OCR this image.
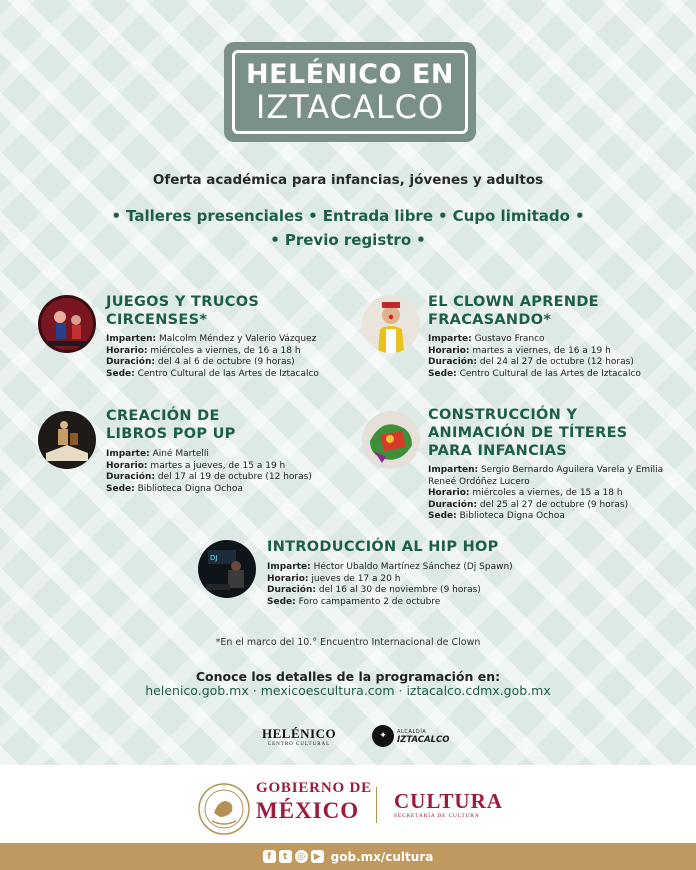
HELÉNICO EN
IZTACALCO
Oferta académica para infancias, jóvenes y adultos
• Talleres presenciales • Entrada libre • Cupo limitado •
• Previo registro •
JUEGOS Y TRUCOS
CIRCENSES*
Imparten: Malcolm Méndez y Valerio Vázquez
Horario: miércoles a viernes, de 16 a 18 h
Duración: del 4 al 6 de octubre (9 horas)
Sede: Centro Cultural de las Artes de Iztacalco
EL CLOWN APRENDE
FRACASANDO*
Imparte: Gustavo Franco
Horario: martes a viernes, de 16 a 19 h
Duración: del 24 al 27 de octubre (12 horas)
Sede: Centro Cultural de las Artes de Iztacalco
CREACIÓN DE
LIBROS POP UP
Imparte: Ainé Martelli
Horario: martes a jueves, de 15 a 19 h
Duración: del 17 al 19 de octubre (12 horas)
Sede: Biblioteca Digna Ochoa
CONSTRUCCIÓN Y
ANIMACIÓN DE TÍTERES
PARA INFANCIAS
Imparten: Sergio Bernardo Aguilera Varela y Emilia
Reneé Ordóñez Lucero
Horario: miércoles a viernes, de 15 a 18 h
Duración: del 25 al 27 de octubre (9 horas)
Sede: Biblioteca Digna Ochoa
DJ
INTRODUCCIÓN AL HIP HOP
Imparte: Héctor Ubaldo Martínez Sánchez (Dj Spawn)
Horario: jueves de 17 a 20 h
Duración: del 16 al 30 de noviembre (9 horas)
Sede: Foro campamento 2 de octubre
*En el marco del 10.° Encuentro Internacional de Clown
Conoce los detalles de la programación en:
helenico.gob.mx · mexicoescultura.com · iztacalco.cdmx.gob.mx
HELÉNICO
CENTRO CULTURAL
✦	ALCALDÍA
IZTACALCO
GOBIERNO DE
MÉXICO	CULTURA
SECRETARÍA DE CULTURA
f	t	◎ ▶ gob.mx/cultura
